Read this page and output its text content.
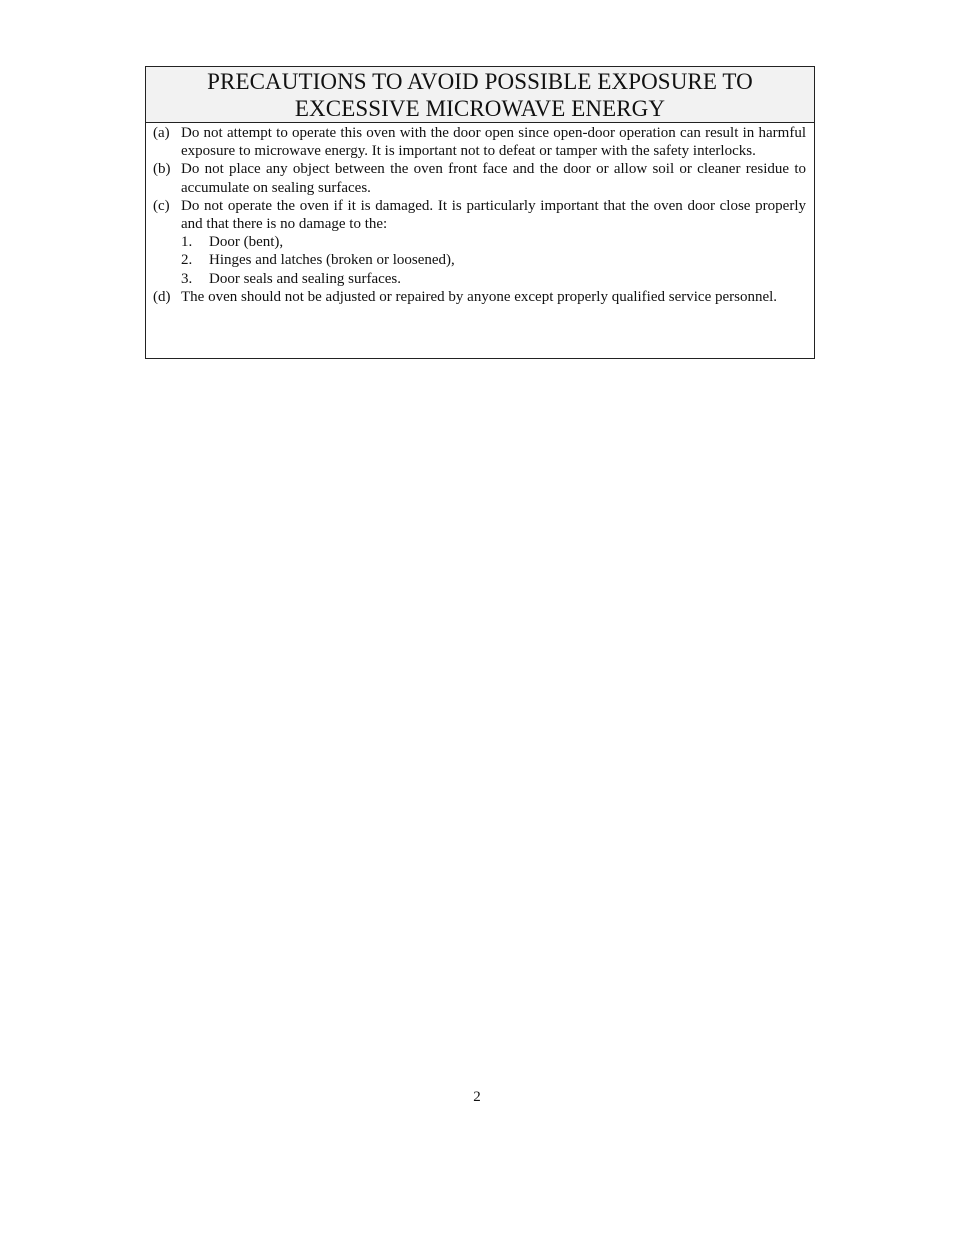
PRECAUTIONS TO AVOID POSSIBLE EXPOSURE TO
EXCESSIVE MICROWAVE ENERGY
(a) Do not attempt to operate this oven with the door open since open-door operation can result in harmful exposure to microwave energy. It is important not to defeat or tamper with the safety interlocks.
(b) Do not place any object between the oven front face and the door or allow soil or cleaner residue to accumulate on sealing surfaces.
(c) Do not operate the oven if it is damaged. It is particularly important that the oven door close properly and that there is no damage to the:
1.	Door (bent),
2.	Hinges and latches (broken or loosened),
3.	Door seals and sealing surfaces.
(d) The oven should not be adjusted or repaired by anyone except properly qualified service personnel.
2
